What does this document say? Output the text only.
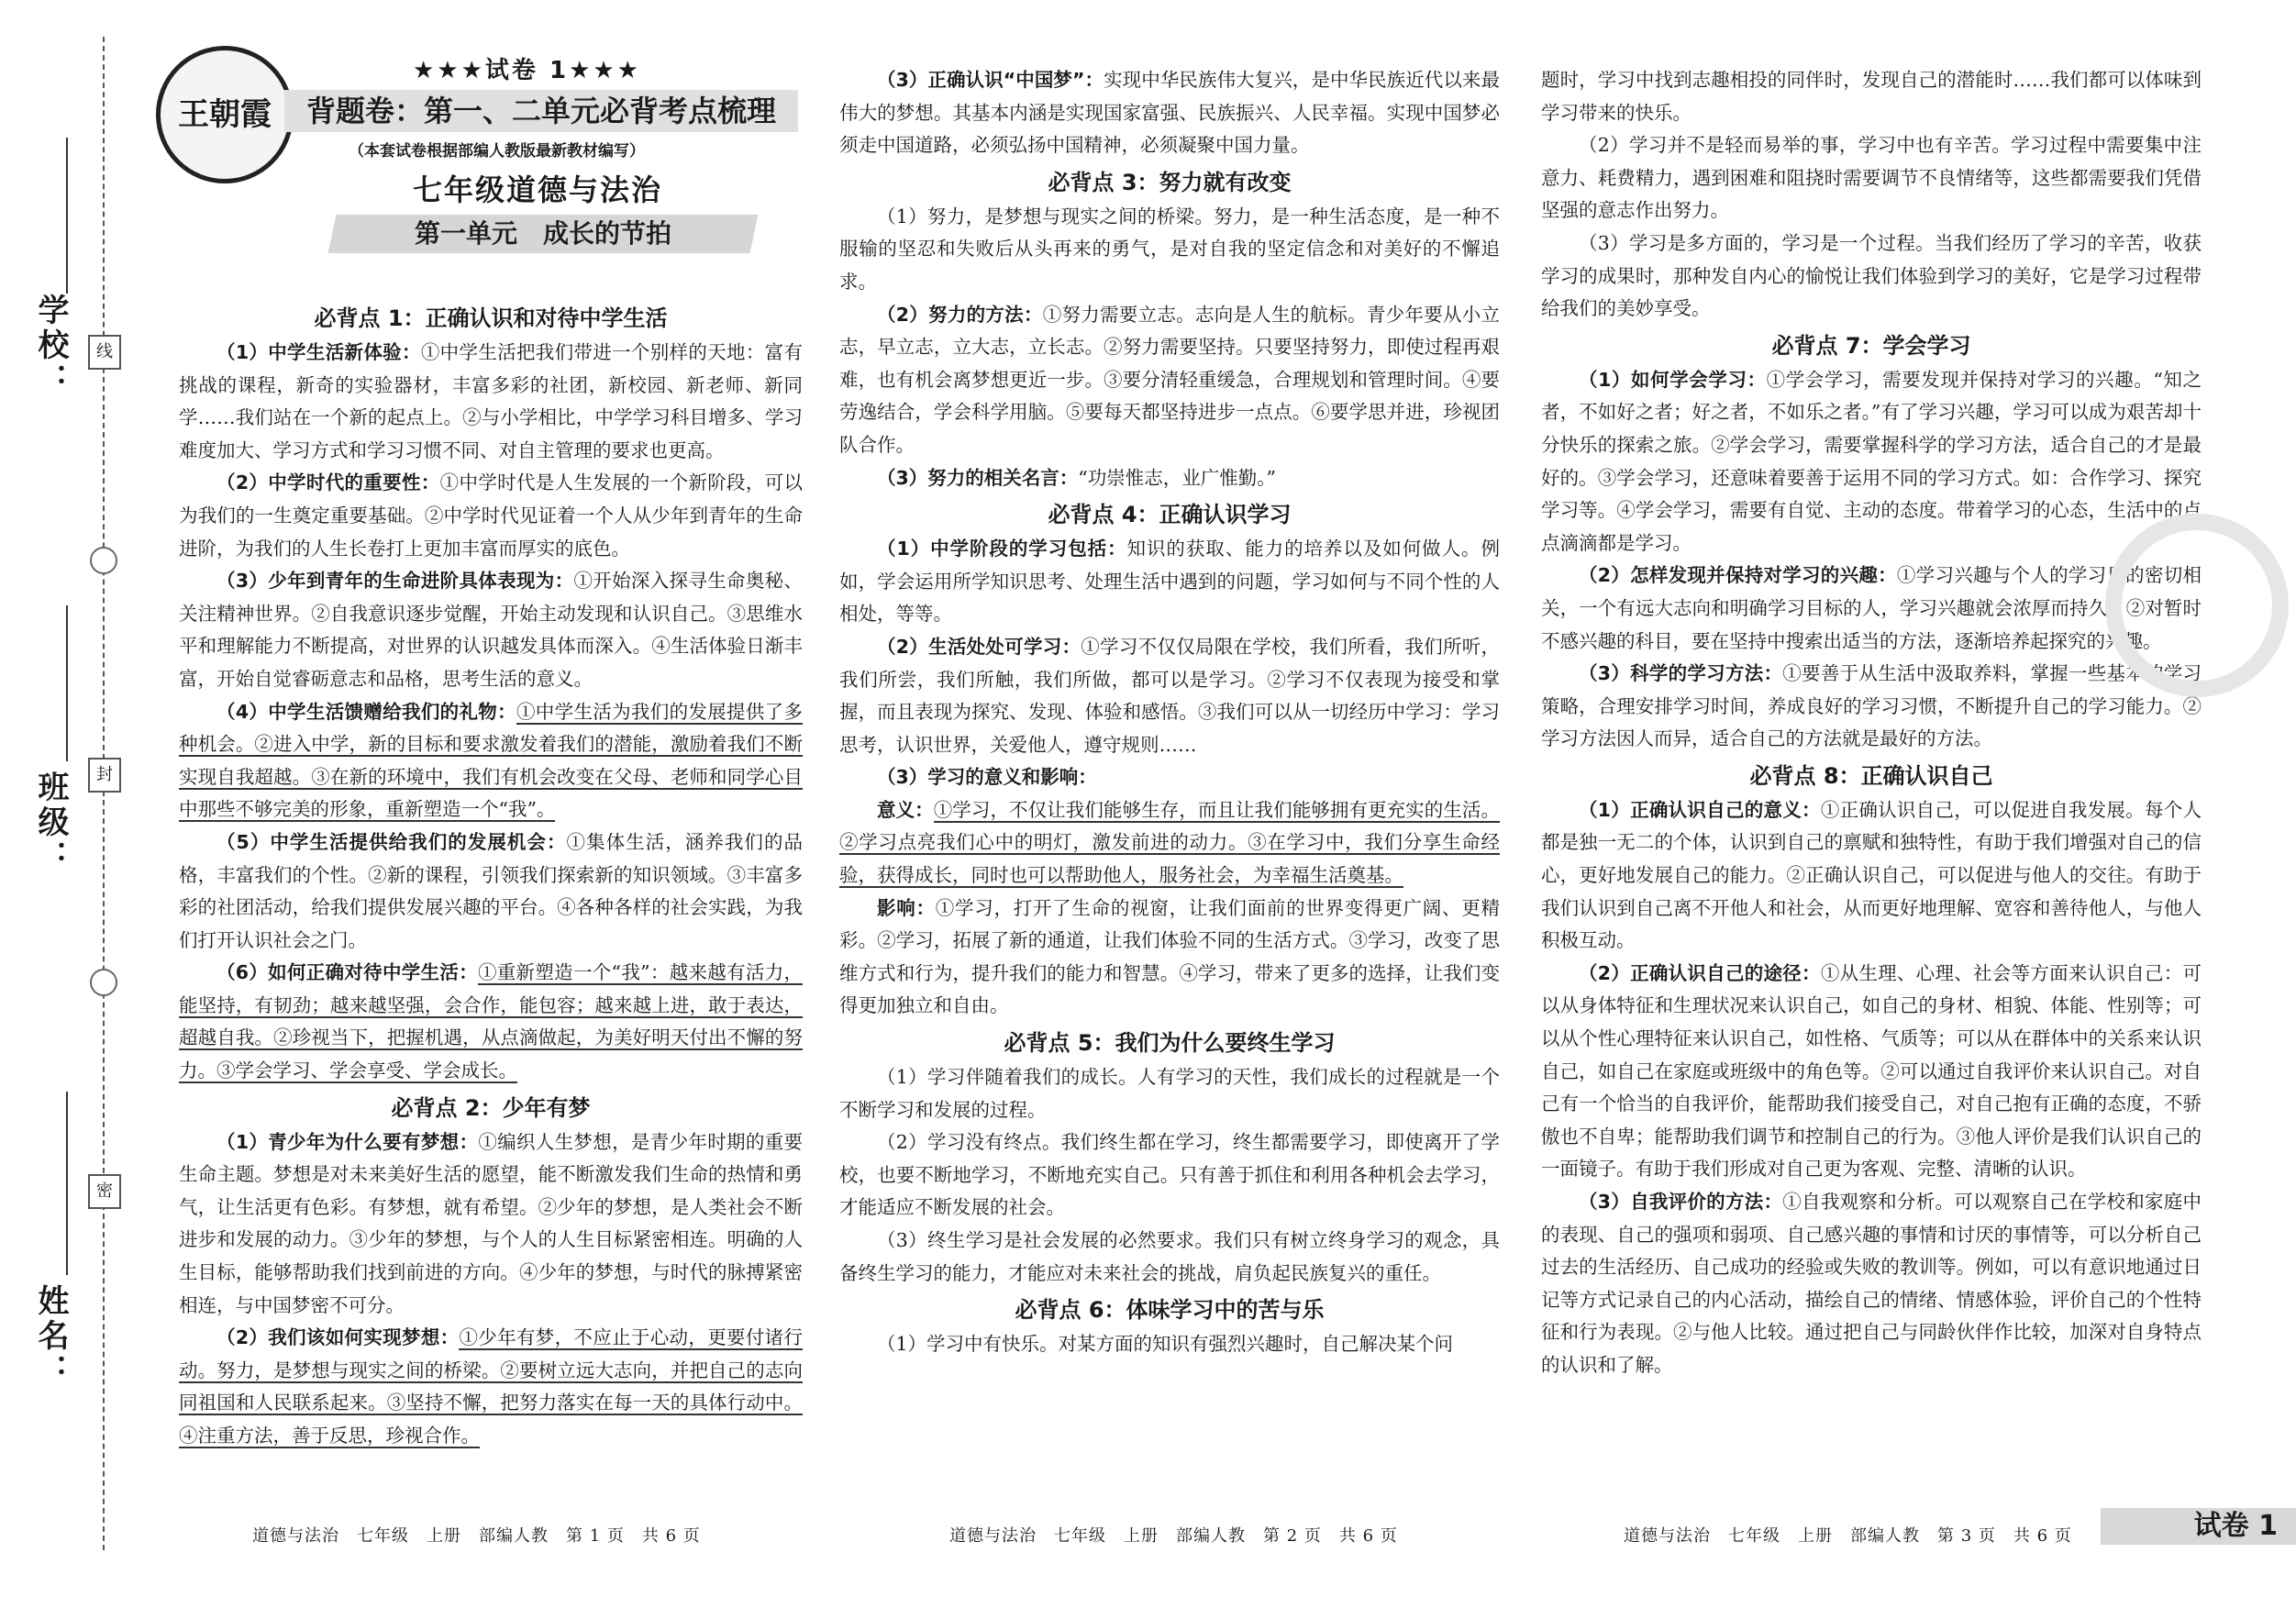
学校：
班级：
姓名：
线
封
密
王朝霞
★★★试卷 1★★★
背题卷：第一、二单元必背考点梳理
（本套试卷根据部编人教版最新教材编写）
七年级道德与法治
第一单元　成长的节拍
必背点 1：正确认识和对待中学生活

（1）中学生活新体验：①中学生活把我们带进一个别样的天地：富有挑战的课程，新奇的实验器材，丰富多彩的社团，新校园、新老师、新同学……我们站在一个新的起点上。②与小学相比，中学学习科目增多、学习难度加大、学习方式和学习习惯不同、对自主管理的要求也更高。

（2）中学时代的重要性：①中学时代是人生发展的一个新阶段，可以为我们的一生奠定重要基础。②中学时代见证着一个人从少年到青年的生命进阶，为我们的人生长卷打上更加丰富而厚实的底色。

（3）少年到青年的生命进阶具体表现为：①开始深入探寻生命奥秘、关注精神世界。②自我意识逐步觉醒，开始主动发现和认识自己。③思维水平和理解能力不断提高，对世界的认识越发具体而深入。④生活体验日渐丰富，开始自觉睿砺意志和品格，思考生活的意义。

（4）中学生活馈赠给我们的礼物：①中学生活为我们的发展提供了多种机会。②进入中学，新的目标和要求激发着我们的潜能，激励着我们不断实现自我超越。③在新的环境中，我们有机会改变在父母、老师和同学心目中那些不够完美的形象，重新塑造一个“我”。

（5）中学生活提供给我们的发展机会：①集体生活，涵养我们的品格，丰富我们的个性。②新的课程，引领我们探索新的知识领域。③丰富多彩的社团活动，给我们提供发展兴趣的平台。④各种各样的社会实践，为我们打开认识社会之门。

（6）如何正确对待中学生活：①重新塑造一个“我”：越来越有活力，能坚持，有韧劲；越来越坚强，会合作，能包容；越来越上进，敢于表达，超越自我。②珍视当下，把握机遇，从点滴做起，为美好明天付出不懈的努力。③学会学习、学会享受、学会成长。

必背点 2：少年有梦

（1）青少年为什么要有梦想：①编织人生梦想，是青少年时期的重要生命主题。梦想是对未来美好生活的愿望，能不断激发我们生命的热情和勇气，让生活更有色彩。有梦想，就有希望。②少年的梦想，是人类社会不断进步和发展的动力。③少年的梦想，与个人的人生目标紧密相连。明确的人生目标，能够帮助我们找到前进的方向。④少年的梦想，与时代的脉搏紧密相连，与中国梦密不可分。

（2）我们该如何实现梦想：①少年有梦，不应止于心动，更要付诸行动。努力，是梦想与现实之间的桥梁。②要树立远大志向，并把自己的志向同祖国和人民联系起来。③坚持不懈，把努力落实在每一天的具体行动中。④注重方法，善于反思，珍视合作。

（3）正确认识“中国梦”：实现中华民族伟大复兴，是中华民族近代以来最伟大的梦想。其基本内涵是实现国家富强、民族振兴、人民幸福。实现中国梦必须走中国道路，必须弘扬中国精神，必须凝聚中国力量。

必背点 3：努力就有改变

（1）努力，是梦想与现实之间的桥梁。努力，是一种生活态度，是一种不服输的坚忍和失败后从头再来的勇气，是对自我的坚定信念和对美好的不懈追求。

（2）努力的方法：①努力需要立志。志向是人生的航标。青少年要从小立志，早立志，立大志，立长志。②努力需要坚持。只要坚持努力，即使过程再艰难，也有机会离梦想更近一步。③要分清轻重缓急，合理规划和管理时间。④要劳逸结合，学会科学用脑。⑤要每天都坚持进步一点点。⑥要学思并进，珍视团队合作。

（3）努力的相关名言：“功崇惟志，业广惟勤。”

必背点 4：正确认识学习

（1）中学阶段的学习包括：知识的获取、能力的培养以及如何做人。例如，学会运用所学知识思考、处理生活中遇到的问题，学习如何与不同个性的人相处，等等。

（2）生活处处可学习：①学习不仅仅局限在学校，我们所看，我们所听，我们所尝，我们所触，我们所做，都可以是学习。②学习不仅表现为接受和掌握，而且表现为探究、发现、体验和感悟。③我们可以从一切经历中学习：学习思考，认识世界，关爱他人，遵守规则……

（3）学习的意义和影响：

意义：①学习，不仅让我们能够生存，而且让我们能够拥有更充实的生活。②学习点亮我们心中的明灯，激发前进的动力。③在学习中，我们分享生命经验，获得成长，同时也可以帮助他人，服务社会，为幸福生活奠基。

影响：①学习，打开了生命的视窗，让我们面前的世界变得更广阔、更精彩。②学习，拓展了新的通道，让我们体验不同的生活方式。③学习，改变了思维方式和行为，提升我们的能力和智慧。④学习，带来了更多的选择，让我们变得更加独立和自由。

必背点 5：我们为什么要终生学习

（1）学习伴随着我们的成长。人有学习的天性，我们成长的过程就是一个不断学习和发展的过程。

（2）学习没有终点。我们终生都在学习，终生都需要学习，即使离开了学校，也要不断地学习，不断地充实自己。只有善于抓住和利用各种机会去学习，才能适应不断发展的社会。

（3）终生学习是社会发展的必然要求。我们只有树立终身学习的观念，具备终生学习的能力，才能应对未来社会的挑战，肩负起民族复兴的重任。

必背点 6：体味学习中的苦与乐

（1）学习中有快乐。对某方面的知识有强烈兴趣时，自己解决某个问

题时，学习中找到志趣相投的同伴时，发现自己的潜能时……我们都可以体味到学习带来的快乐。

（2）学习并不是轻而易举的事，学习中也有辛苦。学习过程中需要集中注意力、耗费精力，遇到困难和阻挠时需要调节不良情绪等，这些都需要我们凭借坚强的意志作出努力。

（3）学习是多方面的，学习是一个过程。当我们经历了学习的辛苦，收获学习的成果时，那种发自内心的愉悦让我们体验到学习的美好，它是学习过程带给我们的美妙享受。

必背点 7：学会学习

（1）如何学会学习：①学会学习，需要发现并保持对学习的兴趣。“知之者，不如好之者；好之者，不如乐之者。”有了学习兴趣，学习可以成为艰苦却十分快乐的探索之旅。②学会学习，需要掌握科学的学习方法，适合自己的才是最好的。③学会学习，还意味着要善于运用不同的学习方式。如：合作学习、探究学习等。④学会学习，需要有自觉、主动的态度。带着学习的心态，生活中的点点滴滴都是学习。

（2）怎样发现并保持对学习的兴趣：①学习兴趣与个人的学习目的密切相关，一个有远大志向和明确学习目标的人，学习兴趣就会浓厚而持久。②对暂时不感兴趣的科目，要在坚持中搜索出适当的方法，逐渐培养起探究的兴趣。

（3）科学的学习方法：①要善于从生活中汲取养料，掌握一些基本的学习策略，合理安排学习时间，养成良好的学习习惯，不断提升自己的学习能力。②学习方法因人而异，适合自己的方法就是最好的方法。

必背点 8：正确认识自己

（1）正确认识自己的意义：①正确认识自己，可以促进自我发展。每个人都是独一无二的个体，认识到自己的禀赋和独特性，有助于我们增强对自己的信心，更好地发展自己的能力。②正确认识自己，可以促进与他人的交往。有助于我们认识到自己离不开他人和社会，从而更好地理解、宽容和善待他人，与他人积极互动。

（2）正确认识自己的途径：①从生理、心理、社会等方面来认识自己：可以从身体特征和生理状况来认识自己，如自己的身材、相貌、体能、性别等；可以从个性心理特征来认识自己，如性格、气质等；可以从在群体中的关系来认识自己，如自己在家庭或班级中的角色等。②可以通过自我评价来认识自己。对自己有一个恰当的自我评价，能帮助我们接受自己，对自己抱有正确的态度，不骄傲也不自卑；能帮助我们调节和控制自己的行为。③他人评价是我们认识自己的一面镜子。有助于我们形成对自己更为客观、完整、清晰的认识。

（3）自我评价的方法：①自我观察和分析。可以观察自己在学校和家庭中的表现、自己的强项和弱项、自己感兴趣的事情和讨厌的事情等，可以分析自己过去的生活经历、自己成功的经验或失败的教训等。例如，可以有意识地通过日记等方式记录自己的内心活动，描绘自己的情绪、情感体验，评价自己的个性特征和行为表现。②与他人比较。通过把自己与同龄伙伴作比较，加深对自身特点的认识和了解。

道德与法治　七年级　上册　部编人教　第 1 页　共 6 页	道德与法治　七年级　上册　部编人教　第 2 页　共 6 页	道德与法治　七年级　上册　部编人教　第 3 页　共 6 页	试卷 1
